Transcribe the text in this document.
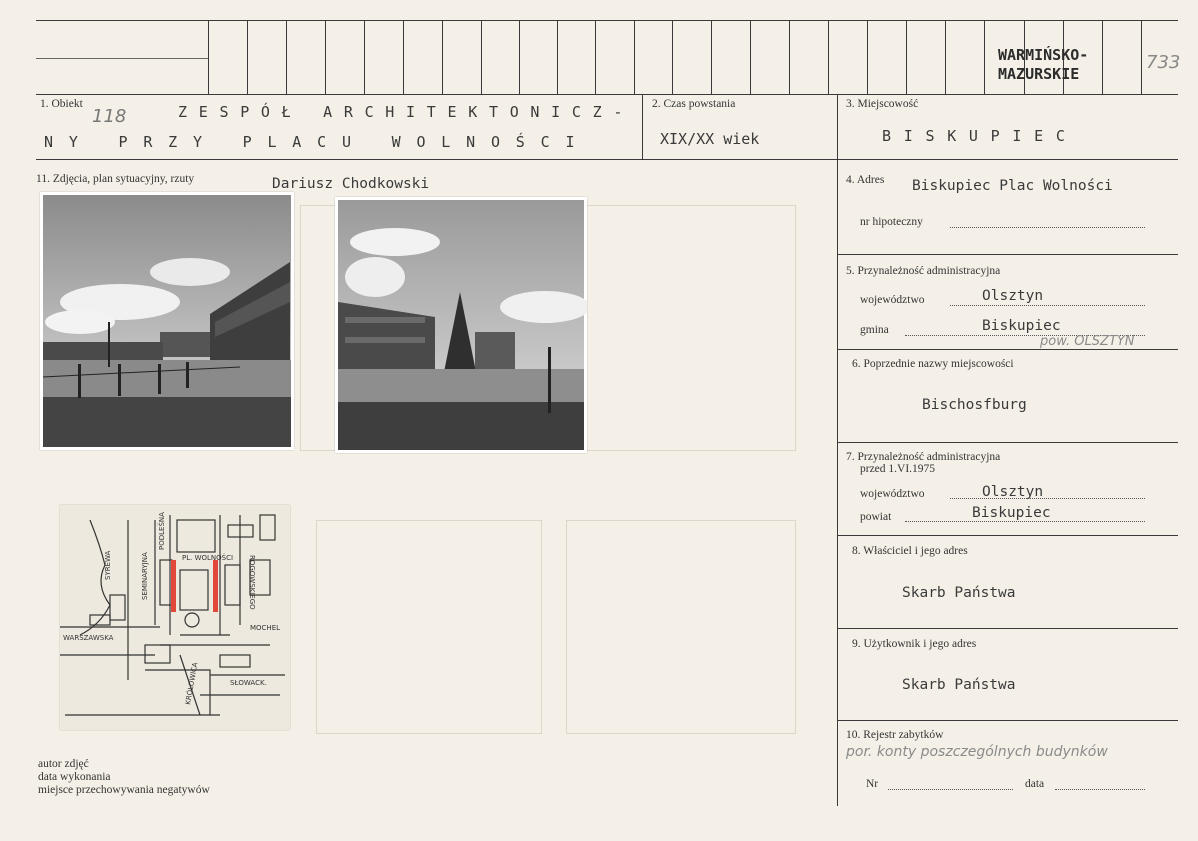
WARMIŃSKO-
MAZURSKIE
733
1. Obiekt
118	ZESPÓŁ ARCHITEKTONICZ-
NY PRZY PLACU WOLNOŚCI
2. Czas powstania
XIX/XX wiek
3. Miejscowość
BISKUPIEC
11. Zdjęcia, plan sytuacyjny, rzuty	Dariusz Chodkowski
SYREWA	SEMINARYJNA
PODLEŚNA
PL. WOLNOŚCI ROGOWSKIEGO
WARSZAWSKA
MOCHEL
KRÓLOWICA	SŁOWACK.
autor zdjęć
data wykonania
miejsce przechowywania negatywów
4. Adres Biskupiec Plac Wolności
nr hipoteczny
5. Przynależność administracyjna
województwo	Olsztyn
gmina	Biskupiec
pow. OLSZTYN
6. Poprzednie nazwy miejscowości
Bischosfburg
7. Przynależność administracyjna
przed 1.VI.1975
województwo	Olsztyn
powiat	Biskupiec
8. Właściciel i jego adres
Skarb Państwa
9. Użytkownik i jego adres
Skarb Państwa
10. Rejestr zabytków
por. konty poszczególnych budynków
Nr	data
